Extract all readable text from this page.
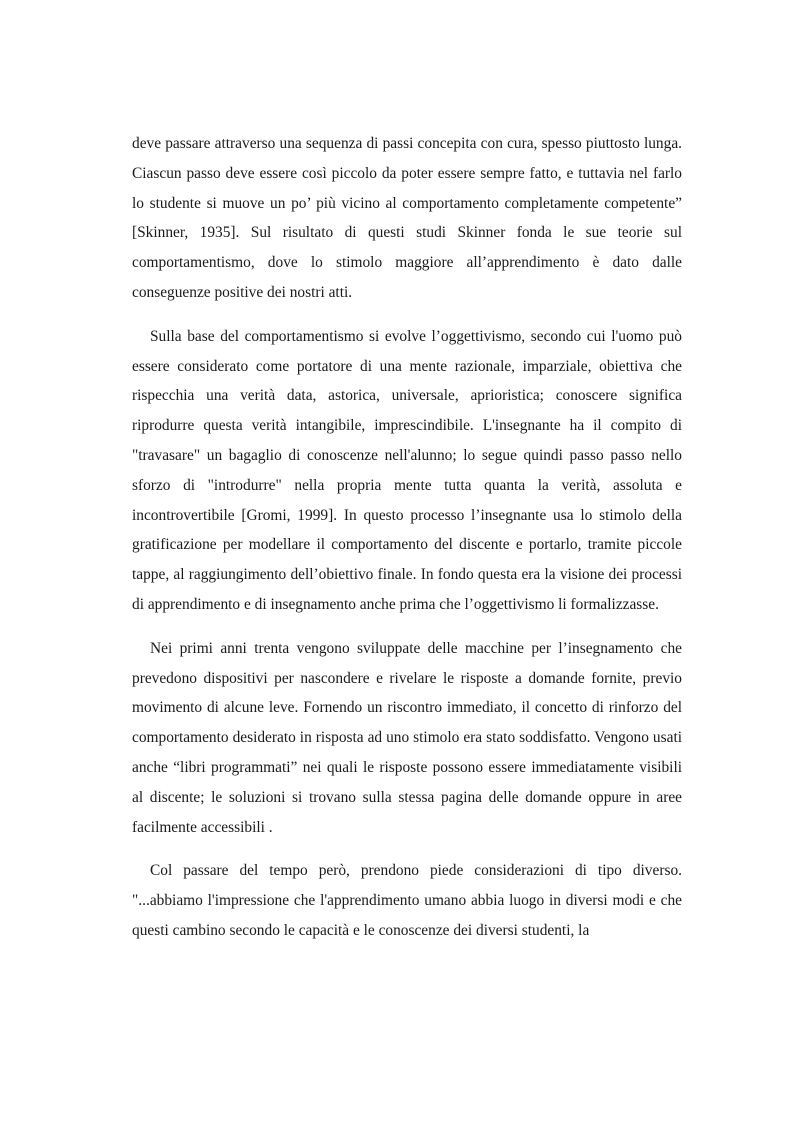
deve passare attraverso una sequenza di passi concepita con cura, spesso piuttosto lunga. Ciascun passo deve essere così piccolo da poter essere sempre fatto, e tuttavia nel farlo lo studente si muove un po’ più vicino al comportamento completamente competente” [Skinner, 1935]. Sul risultato di questi studi Skinner fonda le sue teorie sul comportamentismo, dove lo stimolo maggiore all’apprendimento è dato dalle conseguenze positive dei nostri atti.

Sulla base del comportamentismo si evolve l’oggettivismo, secondo cui l'uomo può essere considerato come portatore di una mente razionale, imparziale, obiettiva che rispecchia una verità data, astorica, universale, aprioristica; conoscere significa riprodurre questa verità intangibile, imprescindibile. L'insegnante ha il compito di "travasare" un bagaglio di conoscenze nell'alunno; lo segue quindi passo passo nello sforzo di "introdurre" nella propria mente tutta quanta la verità, assoluta e incontrovertibile [Gromi, 1999]. In questo processo l’insegnante usa lo stimolo della gratificazione per modellare il comportamento del discente e portarlo, tramite piccole tappe, al raggiungimento dell’obiettivo finale. In fondo questa era la visione dei processi di apprendimento e di insegnamento anche prima che l’oggettivismo li formalizzasse.

Nei primi anni trenta vengono sviluppate delle macchine per l’insegnamento che prevedono dispositivi per nascondere e rivelare le risposte a domande fornite, previo movimento di alcune leve. Fornendo un riscontro immediato, il concetto di rinforzo del comportamento desiderato in risposta ad uno stimolo era stato soddisfatto. Vengono usati anche “libri programmati” nei quali le risposte possono essere immediatamente visibili al discente; le soluzioni si trovano sulla stessa pagina delle domande oppure in aree facilmente accessibili .

Col passare del tempo però, prendono piede considerazioni di tipo diverso. "...abbiamo l'impressione che l'apprendimento umano abbia luogo in diversi modi e che questi cambino secondo le capacità e le conoscenze dei diversi studenti, la
